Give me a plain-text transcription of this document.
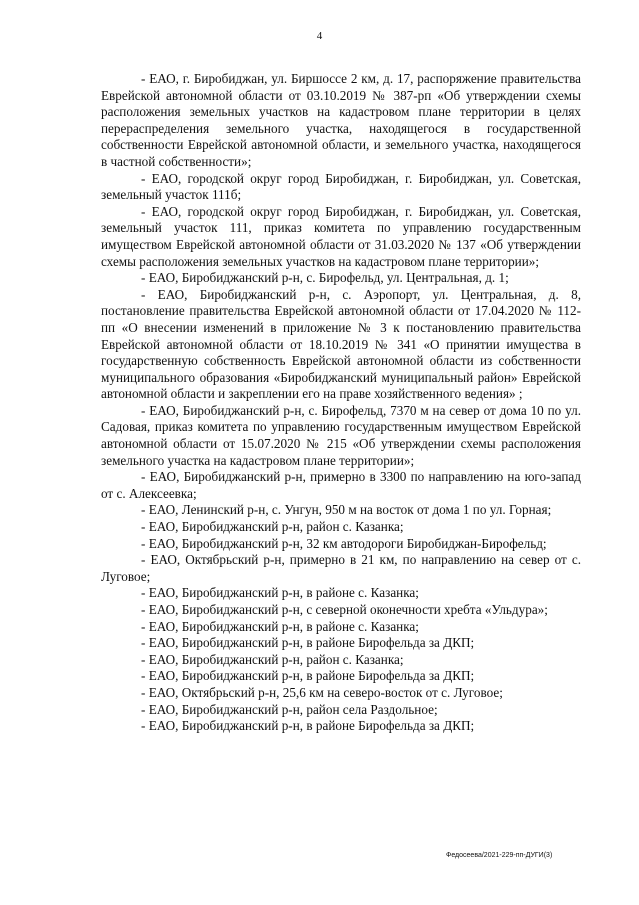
4

- ЕАО, г. Биробиджан, ул. Биршоссе 2 км, д. 17, распоряжение правительства Еврейской автономной области от 03.10.2019 № 387-рп «Об утверждении схемы расположения земельных участков на кадастровом плане территории в целях перераспределения земельного участка, находящегося в государственной собственности Еврейской автономной области, и земельного участка, находящегося в частной собственности»;

- ЕАО, городской округ город Биробиджан, г. Биробиджан, ул. Советская, земельный участок 111б;

- ЕАО, городской округ город Биробиджан, г. Биробиджан, ул. Советская, земельный участок 111, приказ комитета по управлению государственным имуществом Еврейской автономной области от 31.03.2020 № 137 «Об утверждении схемы расположения земельных участков на кадастровом плане территории»;

- ЕАО, Биробиджанский р-н, с. Бирофельд, ул. Центральная, д. 1;

- ЕАО, Биробиджанский р-н, с. Аэропорт, ул. Центральная, д. 8, постановление правительства Еврейской автономной области от 17.04.2020 № 112-пп «О внесении изменений в приложение № 3 к постановлению правительства Еврейской автономной области от 18.10.2019 № 341 «О принятии имущества в государственную собственность Еврейской автономной области из собственности муниципального образования «Биробиджанский муниципальный район» Еврейской автономной области и закреплении его на праве хозяйственного ведения» ;

- ЕАО, Биробиджанский р-н, с. Бирофельд, 7370 м на север от дома 10 по ул. Садовая, приказ комитета по управлению государственным имуществом Еврейской автономной области от 15.07.2020 № 215 «Об утверждении схемы расположения земельного участка на кадастровом плане территории»;

- ЕАО, Биробиджанский р-н, примерно в 3300 по направлению на юго-запад от с. Алексеевка;

- ЕАО, Ленинский р-н, с. Унгун, 950 м на восток от дома 1 по ул. Горная;

- ЕАО, Биробиджанский р-н, район с. Казанка;

- ЕАО, Биробиджанский р-н, 32 км автодороги Биробиджан-Бирофельд;

- ЕАО, Октябрьский р-н, примерно в 21 км, по направлению на север от с. Луговое;

- ЕАО, Биробиджанский р-н, в районе с. Казанка;

- ЕАО, Биробиджанский р-н, с северной оконечности хребта «Ульдура»;

- ЕАО, Биробиджанский р-н, в районе с. Казанка;

- ЕАО, Биробиджанский р-н, в районе Бирофельда за ДКП;

- ЕАО, Биробиджанский р-н, район с. Казанка;

- ЕАО, Биробиджанский р-н, в районе Бирофельда за ДКП;

- ЕАО, Октябрьский р-н, 25,6 км на северо-восток от с. Луговое;

- ЕАО, Биробиджанский р-н, район села Раздольное;

- ЕАО, Биробиджанский р-н, в районе Бирофельда за ДКП;

Федосеева/2021-229-пп-ДУГИ(3)
